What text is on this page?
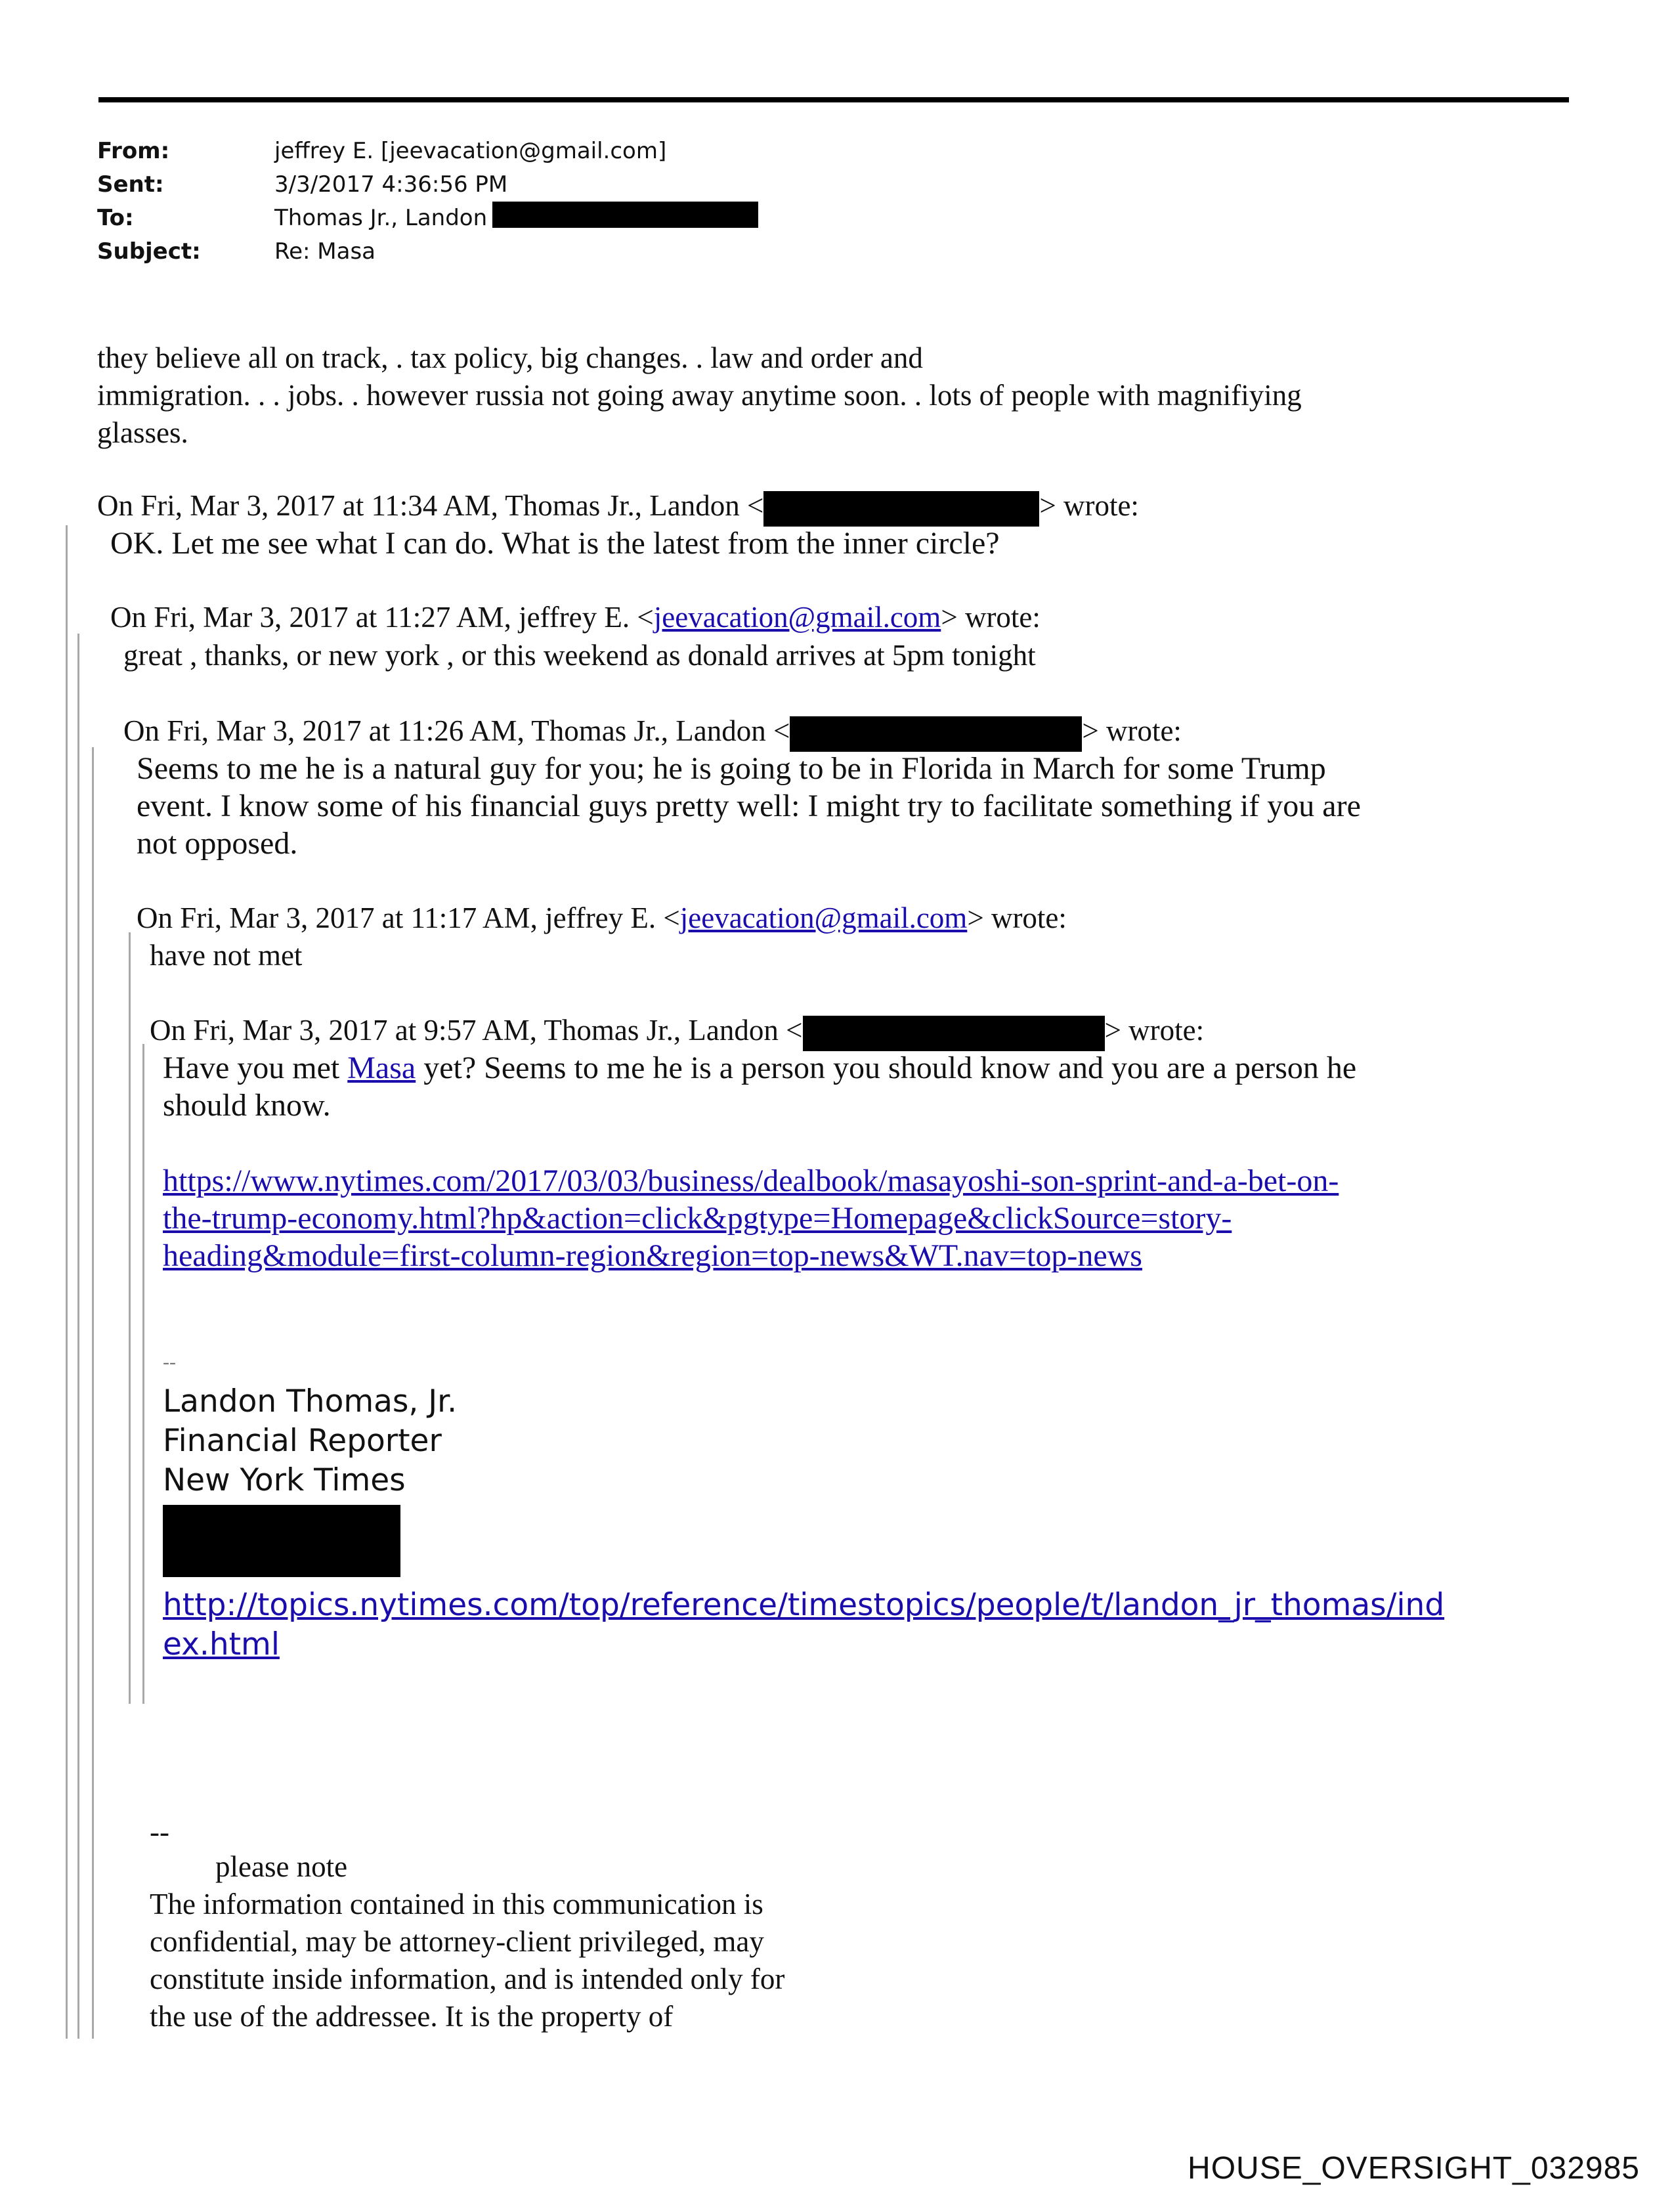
From:	jeffrey E. [jeevacation@gmail.com]
Sent:	3/3/2017 4:36:56 PM
To:	Thomas Jr., Landon
Subject:	Re: Masa
they believe all on track, . tax policy, big changes. . law and order and
immigration. . . jobs. . however russia not going away anytime soon. . lots of people with magnifiying
glasses.
On Fri, Mar 3, 2017 at 11:34 AM, Thomas Jr., Landon <	> wrote:
OK. Let me see what I can do. What is the latest from the inner circle?
On Fri, Mar 3, 2017 at 11:27 AM, jeffrey E. <jeevacation@gmail.com> wrote:
great , thanks, or new york , or this weekend as donald arrives at 5pm tonight
On Fri, Mar 3, 2017 at 11:26 AM, Thomas Jr., Landon <	> wrote:
Seems to me he is a natural guy for you; he is going to be in Florida in March for some Trump
event. I know some of his financial guys pretty well: I might try to facilitate something if you are
not opposed.
On Fri, Mar 3, 2017 at 11:17 AM, jeffrey E. <jeevacation@gmail.com> wrote:
have not met
On Fri, Mar 3, 2017 at 9:57 AM, Thomas Jr., Landon <	> wrote:
Have you met Masa yet? Seems to me he is a person you should know and you are a person he
should know.
https://www.nytimes.com/2017/03/03/business/dealbook/masayoshi-son-sprint-and-a-bet-on-
the-trump-economy.html?hp&action=click&pgtype=Homepage&clickSource=story-
heading&module=first-column-region&region=top-news&WT.nav=top-news
--
Landon Thomas, Jr.
Financial Reporter
New York Times
http://topics.nytimes.com/top/reference/timestopics/people/t/landon_jr_thomas/ind
ex.html
--
please note
The information contained in this communication is
confidential, may be attorney-client privileged, may
constitute inside information, and is intended only for
the use of the addressee. It is the property of
HOUSE_OVERSIGHT_032985
